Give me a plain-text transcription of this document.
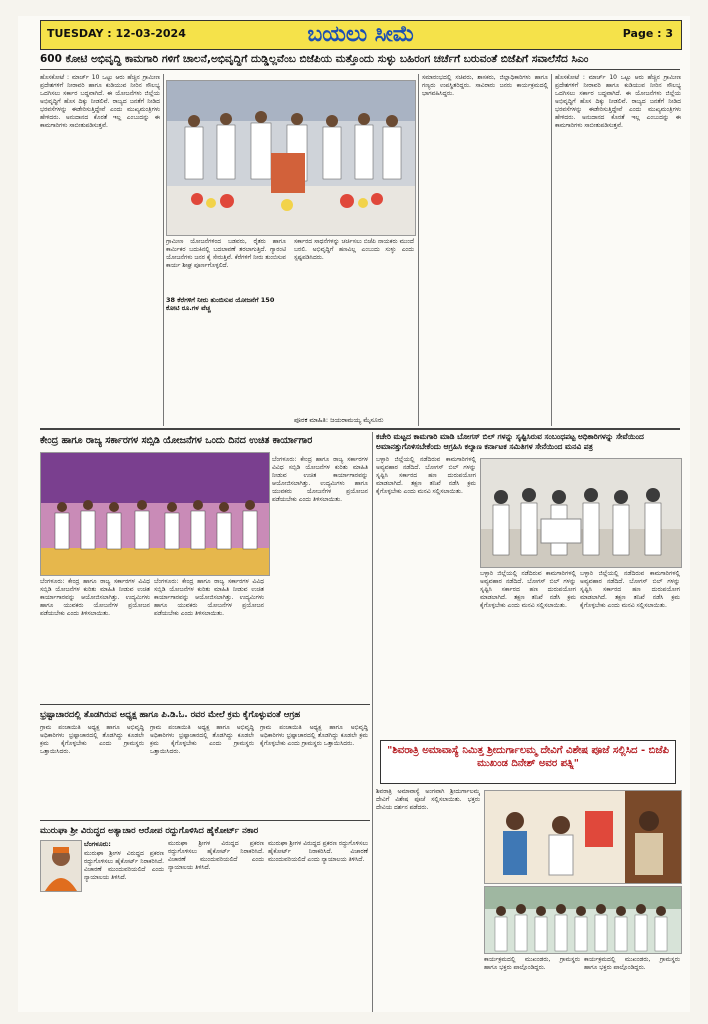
TUESDAY : 12-03-2024	ಬಯಲು ಸೀಮೆ	Page : 3
600 ಕೋಟಿ ಅಭಿವೃದ್ಧಿ ಕಾಮಗಾರಿ ಗಳಿಗೆ ಚಾಲನೆ,ಅಭಿವೃದ್ಧಿಗೆ ದುಡ್ಡಿಲ್ಲವೆಂಬ ಬಿಜೆಪಿಯ ಮತ್ತೊಂದು ಸುಳ್ಳು ಬಹಿರಂಗ ಚರ್ಚೆಗೆ ಬರುವಂತೆ ಬಿಜೆಪಿಗೆ ಸವಾಲೆಸೆದ ಸಿಎಂ
ಹೊಸಕೋಟೆ : ಮಾರ್ಚ್ 10 ಒಟ್ಟು ಆರು ಹೆಚ್ಚಿನ ಗ್ರಾಮೀಣ ಪ್ರದೇಶಗಳಿಗೆ ನೀರಾವರಿ ಹಾಗೂ ಕುಡಿಯುವ ನೀರಿನ ಸೌಲಭ್ಯ ಒದಗಿಸಲು ಸರ್ಕಾರ ಬದ್ಧವಾಗಿದೆ. ಈ ಯೋಜನೆಗಳು ಜಿಲ್ಲೆಯ ಅಭಿವೃದ್ಧಿಗೆ ಹೊಸ ದಿಕ್ಕು ನೀಡಲಿವೆ. ರಾಜ್ಯದ ಜನತೆಗೆ ನೀಡಿದ ಭರವಸೆಗಳನ್ನು ಈಡೇರಿಸುತ್ತಿದ್ದೇವೆ ಎಂದು ಮುಖ್ಯಮಂತ್ರಿಗಳು ಹೇಳಿದರು. ಅನುದಾನದ ಕೊರತೆ ಇಲ್ಲ ಎಂಬುದನ್ನು ಈ ಕಾಮಗಾರಿಗಳು ಸಾಬೀತುಪಡಿಸುತ್ತವೆ.
ಗ್ರಾಮೀಣ ಯೋಜನೆಗಳಿಂದ ಬಡವರು, ರೈತರು ಹಾಗೂ ಕಾರ್ಮಿಕರ ಬದುಕಿನಲ್ಲಿ ಬದಲಾವಣೆ ತರಲಾಗುತ್ತಿದೆ. ಗ್ಯಾರಂಟಿ ಯೋಜನೆಗಳು ಜನರ ಕೈ ಸೇರುತ್ತಿವೆ. ಕೆರೆಗಳಿಗೆ ನೀರು ತುಂಬಿಸುವ ಕಾರ್ಯ ಶೀಘ್ರ ಪೂರ್ಣಗೊಳ್ಳಲಿದೆ.
38 ಕೆರೆಗಳಿಗೆ ನೀರು ತುಂಬಿಸುವ ಯೋಜನೆಗೆ 150 ಕೋಟಿ ರೂ.ಗಳ ವೆಚ್ಚ
ಸರ್ಕಾರದ ಸಾಧನೆಗಳನ್ನು ಚರ್ಚಿಸಲು ಬಿಜೆಪಿ ನಾಯಕರು ಮುಂದೆ ಬರಲಿ. ಅಭಿವೃದ್ಧಿಗೆ ಹಣವಿಲ್ಲ ಎಂಬುದು ಸುಳ್ಳು ಎಂದು ಸ್ಪಷ್ಟಪಡಿಸಿದರು.
ಪೂರಕ ಮಾಹಿತಿ: ಜಯರಾಮಯ್ಯ ಮೈಸೂರು
ಸಮಾರಂಭದಲ್ಲಿ ಸಚಿವರು, ಶಾಸಕರು, ಜಿಲ್ಲಾಧಿಕಾರಿಗಳು ಹಾಗೂ ಗಣ್ಯರು ಉಪಸ್ಥಿತರಿದ್ದರು. ಸಾವಿರಾರು ಜನರು ಕಾರ್ಯಕ್ರಮದಲ್ಲಿ ಭಾಗವಹಿಸಿದ್ದರು.
ಹೊಸಕೋಟೆ : ಮಾರ್ಚ್ 10 ಒಟ್ಟು ಆರು ಹೆಚ್ಚಿನ ಗ್ರಾಮೀಣ ಪ್ರದೇಶಗಳಿಗೆ ನೀರಾವರಿ ಹಾಗೂ ಕುಡಿಯುವ ನೀರಿನ ಸೌಲಭ್ಯ ಒದಗಿಸಲು ಸರ್ಕಾರ ಬದ್ಧವಾಗಿದೆ. ಈ ಯೋಜನೆಗಳು ಜಿಲ್ಲೆಯ ಅಭಿವೃದ್ಧಿಗೆ ಹೊಸ ದಿಕ್ಕು ನೀಡಲಿವೆ. ರಾಜ್ಯದ ಜನತೆಗೆ ನೀಡಿದ ಭರವಸೆಗಳನ್ನು ಈಡೇರಿಸುತ್ತಿದ್ದೇವೆ ಎಂದು ಮುಖ್ಯಮಂತ್ರಿಗಳು ಹೇಳಿದರು. ಅನುದಾನದ ಕೊರತೆ ಇಲ್ಲ ಎಂಬುದನ್ನು ಈ ಕಾಮಗಾರಿಗಳು ಸಾಬೀತುಪಡಿಸುತ್ತವೆ.
ಕೇಂದ್ರ ಹಾಗೂ ರಾಜ್ಯ ಸರ್ಕಾರಗಳ ಸಬ್ಸಿಡಿ ಯೋಜನೆಗಳ ಒಂದು ದಿನದ ಉಚಿತ ಕಾರ್ಯಾಗಾರ
ಬೆಂಗಳೂರು: ಕೇಂದ್ರ ಹಾಗೂ ರಾಜ್ಯ ಸರ್ಕಾರಗಳ ವಿವಿಧ ಸಬ್ಸಿಡಿ ಯೋಜನೆಗಳ ಕುರಿತು ಮಾಹಿತಿ ನೀಡುವ ಉಚಿತ ಕಾರ್ಯಾಗಾರವನ್ನು ಆಯೋಜಿಸಲಾಗಿತ್ತು. ಉದ್ಯಮಿಗಳು ಹಾಗೂ ಯುವಕರು ಯೋಜನೆಗಳ ಪ್ರಯೋಜನ ಪಡೆಯಬೇಕು ಎಂದು ತಿಳಿಸಲಾಯಿತು.
ಬೆಂಗಳೂರು: ಕೇಂದ್ರ ಹಾಗೂ ರಾಜ್ಯ ಸರ್ಕಾರಗಳ ವಿವಿಧ ಸಬ್ಸಿಡಿ ಯೋಜನೆಗಳ ಕುರಿತು ಮಾಹಿತಿ ನೀಡುವ ಉಚಿತ ಕಾರ್ಯಾಗಾರವನ್ನು ಆಯೋಜಿಸಲಾಗಿತ್ತು. ಉದ್ಯಮಿಗಳು ಹಾಗೂ ಯುವಕರು ಯೋಜನೆಗಳ ಪ್ರಯೋಜನ ಪಡೆಯಬೇಕು ಎಂದು ತಿಳಿಸಲಾಯಿತು.
ಬೆಂಗಳೂರು: ಕೇಂದ್ರ ಹಾಗೂ ರಾಜ್ಯ ಸರ್ಕಾರಗಳ ವಿವಿಧ ಸಬ್ಸಿಡಿ ಯೋಜನೆಗಳ ಕುರಿತು ಮಾಹಿತಿ ನೀಡುವ ಉಚಿತ ಕಾರ್ಯಾಗಾರವನ್ನು ಆಯೋಜಿಸಲಾಗಿತ್ತು. ಉದ್ಯಮಿಗಳು ಹಾಗೂ ಯುವಕರು ಯೋಜನೆಗಳ ಪ್ರಯೋಜನ ಪಡೆಯಬೇಕು ಎಂದು ತಿಳಿಸಲಾಯಿತು.
ಕಚೇರಿ ಮಟ್ಟದ ಕಾಮಗಾರಿ ಮಾಡಿ ಬೋಗಸ್ ಬಿಲ್ ಗಳನ್ನು ಸೃಷ್ಟಿಸಿರುವ ಸಂಬಂಧಪಟ್ಟ ಅಧಿಕಾರಿಗಳನ್ನು ಸೇವೆಯಿಂದ ಅಮಾನತ್ತುಗೊಳಿಸಬೇಕೆಂದು ಆಗ್ರಹಿಸಿ ಕಲ್ಯಾಣ ಕರ್ನಾಟಕ ಸಮಿತಿಗಳ ಸೇನೆಯಿಂದ ಮನವಿ ಪತ್ರ
ಬಳ್ಳಾರಿ ಜಿಲ್ಲೆಯಲ್ಲಿ ನಡೆದಿರುವ ಕಾಮಗಾರಿಗಳಲ್ಲಿ ಅವ್ಯವಹಾರ ನಡೆದಿದೆ. ಬೋಗಸ್ ಬಿಲ್ ಗಳನ್ನು ಸೃಷ್ಟಿಸಿ ಸರ್ಕಾರದ ಹಣ ದುರುಪಯೋಗ ಮಾಡಲಾಗಿದೆ. ತಕ್ಷಣ ತನಿಖೆ ನಡೆಸಿ ಕ್ರಮ ಕೈಗೊಳ್ಳಬೇಕು ಎಂದು ಮನವಿ ಸಲ್ಲಿಸಲಾಯಿತು.
ಬಳ್ಳಾರಿ ಜಿಲ್ಲೆಯಲ್ಲಿ ನಡೆದಿರುವ ಕಾಮಗಾರಿಗಳಲ್ಲಿ ಅವ್ಯವಹಾರ ನಡೆದಿದೆ. ಬೋಗಸ್ ಬಿಲ್ ಗಳನ್ನು ಸೃಷ್ಟಿಸಿ ಸರ್ಕಾರದ ಹಣ ದುರುಪಯೋಗ ಮಾಡಲಾಗಿದೆ. ತಕ್ಷಣ ತನಿಖೆ ನಡೆಸಿ ಕ್ರಮ ಕೈಗೊಳ್ಳಬೇಕು ಎಂದು ಮನವಿ ಸಲ್ಲಿಸಲಾಯಿತು.
ಬಳ್ಳಾರಿ ಜಿಲ್ಲೆಯಲ್ಲಿ ನಡೆದಿರುವ ಕಾಮಗಾರಿಗಳಲ್ಲಿ ಅವ್ಯವಹಾರ ನಡೆದಿದೆ. ಬೋಗಸ್ ಬಿಲ್ ಗಳನ್ನು ಸೃಷ್ಟಿಸಿ ಸರ್ಕಾರದ ಹಣ ದುರುಪಯೋಗ ಮಾಡಲಾಗಿದೆ. ತಕ್ಷಣ ತನಿಖೆ ನಡೆಸಿ ಕ್ರಮ ಕೈಗೊಳ್ಳಬೇಕು ಎಂದು ಮನವಿ ಸಲ್ಲಿಸಲಾಯಿತು.
ಭ್ರಷ್ಟಾಚಾರದಲ್ಲಿ ತೊಡಗಿರುವ ಅಧ್ಯಕ್ಷ ಹಾಗೂ ಪಿ.ಡಿ.ಓ. ರವರ ಮೇಲೆ ಕ್ರಮ ಕೈಗೊಳ್ಳುವಂತೆ ಆಗ್ರಹ
ಗ್ರಾಮ ಪಂಚಾಯಿತಿ ಅಧ್ಯಕ್ಷ ಹಾಗೂ ಅಭಿವೃದ್ಧಿ ಅಧಿಕಾರಿಗಳು ಭ್ರಷ್ಟಾಚಾರದಲ್ಲಿ ತೊಡಗಿದ್ದು ಕೂಡಲೇ ಕ್ರಮ ಕೈಗೊಳ್ಳಬೇಕು ಎಂದು ಗ್ರಾಮಸ್ಥರು ಒತ್ತಾಯಿಸಿದರು.
ಗ್ರಾಮ ಪಂಚಾಯಿತಿ ಅಧ್ಯಕ್ಷ ಹಾಗೂ ಅಭಿವೃದ್ಧಿ ಅಧಿಕಾರಿಗಳು ಭ್ರಷ್ಟಾಚಾರದಲ್ಲಿ ತೊಡಗಿದ್ದು ಕೂಡಲೇ ಕ್ರಮ ಕೈಗೊಳ್ಳಬೇಕು ಎಂದು ಗ್ರಾಮಸ್ಥರು ಒತ್ತಾಯಿಸಿದರು.
ಗ್ರಾಮ ಪಂಚಾಯಿತಿ ಅಧ್ಯಕ್ಷ ಹಾಗೂ ಅಭಿವೃದ್ಧಿ ಅಧಿಕಾರಿಗಳು ಭ್ರಷ್ಟಾಚಾರದಲ್ಲಿ ತೊಡಗಿದ್ದು ಕೂಡಲೇ ಕ್ರಮ ಕೈಗೊಳ್ಳಬೇಕು ಎಂದು ಗ್ರಾಮಸ್ಥರು ಒತ್ತಾಯಿಸಿದರು.
ಮುರುಘಾ ಶ್ರೀ ವಿರುದ್ಧದ ಅತ್ಯಾಚಾರ ಆರೋಪ ರದ್ದುಗೊಳಿಸಿದ ಹೈಕೋರ್ಟ್ ನಕಾರ
ಬೆಂಗಳೂರು:
ಮುರುಘಾ ಶ್ರೀಗಳ ವಿರುದ್ಧದ ಪ್ರಕರಣ ರದ್ದುಗೊಳಿಸಲು ಹೈಕೋರ್ಟ್ ನಿರಾಕರಿಸಿದೆ. ವಿಚಾರಣೆ ಮುಂದುವರಿಯಲಿದೆ ಎಂದು ನ್ಯಾಯಾಲಯ ತಿಳಿಸಿದೆ.
ಮುರುಘಾ ಶ್ರೀಗಳ ವಿರುದ್ಧದ ಪ್ರಕರಣ ರದ್ದುಗೊಳಿಸಲು ಹೈಕೋರ್ಟ್ ನಿರಾಕರಿಸಿದೆ. ವಿಚಾರಣೆ ಮುಂದುವರಿಯಲಿದೆ ಎಂದು ನ್ಯಾಯಾಲಯ ತಿಳಿಸಿದೆ.
ಮುರುಘಾ ಶ್ರೀಗಳ ವಿರುದ್ಧದ ಪ್ರಕರಣ ರದ್ದುಗೊಳಿಸಲು ಹೈಕೋರ್ಟ್ ನಿರಾಕರಿಸಿದೆ. ವಿಚಾರಣೆ ಮುಂದುವರಿಯಲಿದೆ ಎಂದು ನ್ಯಾಯಾಲಯ ತಿಳಿಸಿದೆ.
"ಶಿವರಾತ್ರಿ ಅಮಾವಾಸ್ಯೆ ನಿಮಿತ್ತ ಶ್ರೀದುರ್ಗಾಲಮ್ಮ ದೇವಿಗೆ ವಿಶೇಷ ಪೂಜೆ ಸಲ್ಲಿಸಿದ - ಬಿಜೆಪಿ ಮುಖಂಡ ದಿನೇಶ್ ಅವರ ಪತ್ನಿ"
ಶಿವರಾತ್ರಿ ಅಮಾವಾಸ್ಯೆ ಅಂಗವಾಗಿ ಶ್ರೀದುರ್ಗಾಲಮ್ಮ ದೇವಿಗೆ ವಿಶೇಷ ಪೂಜೆ ಸಲ್ಲಿಸಲಾಯಿತು. ಭಕ್ತರು ದೇವಿಯ ದರ್ಶನ ಪಡೆದರು.
ಕಾರ್ಯಕ್ರಮದಲ್ಲಿ ಮುಖಂಡರು, ಗ್ರಾಮಸ್ಥರು ಹಾಗೂ ಭಕ್ತರು ಪಾಲ್ಗೊಂಡಿದ್ದರು.
ಕಾರ್ಯಕ್ರಮದಲ್ಲಿ ಮುಖಂಡರು, ಗ್ರಾಮಸ್ಥರು ಹಾಗೂ ಭಕ್ತರು ಪಾಲ್ಗೊಂಡಿದ್ದರು.
